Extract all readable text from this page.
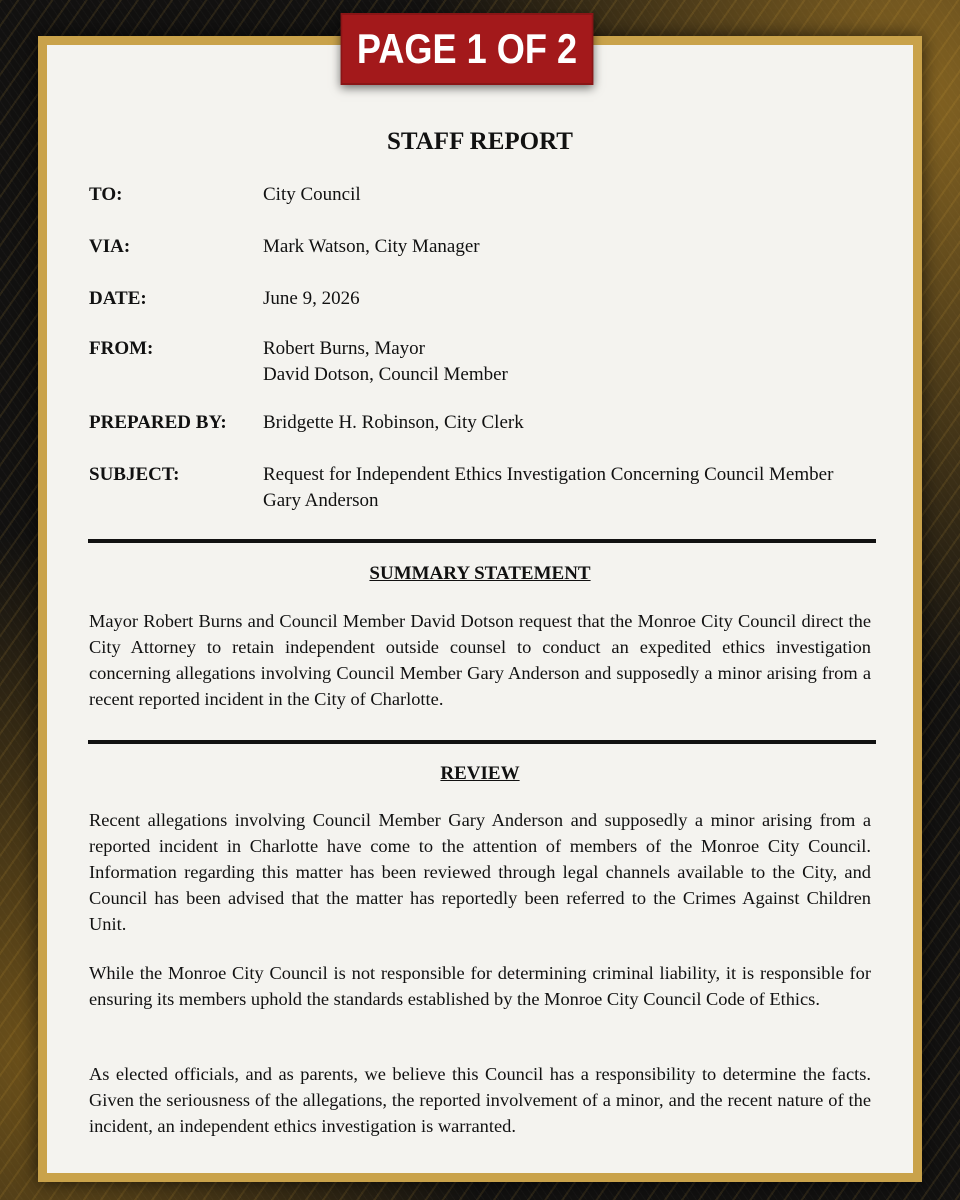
PAGE 1 OF 2
STAFF REPORT
TO:	City Council
VIA:	Mark Watson, City Manager
DATE:	June 9, 2026
FROM:	Robert Burns, Mayor
David Dotson, Council Member
PREPARED BY: Bridgette H. Robinson, City Clerk
SUBJECT:	Request for Independent Ethics Investigation Concerning Council Member Gary Anderson
SUMMARY STATEMENT
Mayor Robert Burns and Council Member David Dotson request that the Monroe City Council direct the City Attorney to retain independent outside counsel to conduct an expedited ethics investigation concerning allegations involving Council Member Gary Anderson and supposedly a minor arising from a recent reported incident in the City of Charlotte.
REVIEW
Recent allegations involving Council Member Gary Anderson and supposedly a minor arising from a reported incident in Charlotte have come to the attention of members of the Monroe City Council. Information regarding this matter has been reviewed through legal channels available to the City, and Council has been advised that the matter has reportedly been referred to the Crimes Against Children Unit.
While the Monroe City Council is not responsible for determining criminal liability, it is responsible for ensuring its members uphold the standards established by the Monroe City Council Code of Ethics.
As elected officials, and as parents, we believe this Council has a responsibility to determine the facts. Given the seriousness of the allegations, the reported involvement of a minor, and the recent nature of the incident, an independent ethics investigation is warranted.
